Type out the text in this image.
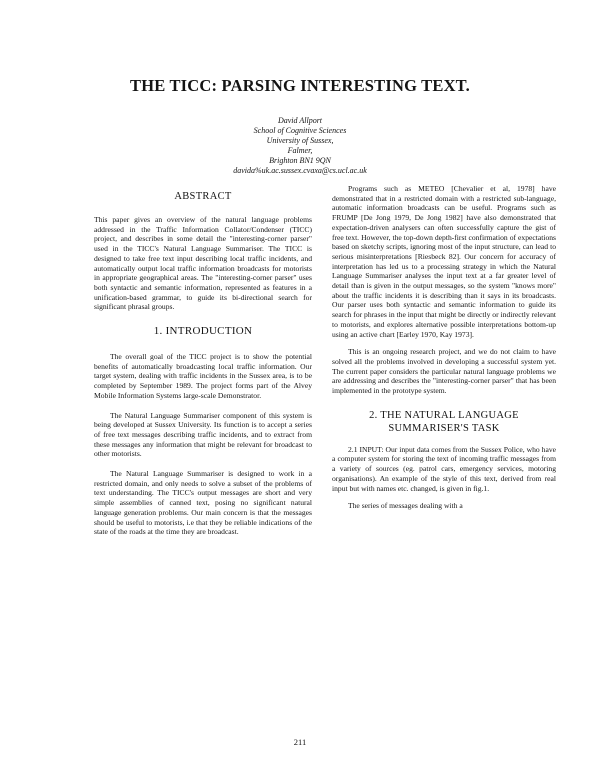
THE TICC: PARSING INTERESTING TEXT.
David Allport
School of Cognitive Sciences
University of Sussex,
Falmer,
Brighton BN1 9QN
davida%uk.ac.sussex.cvaxa@cs.ucl.ac.uk
ABSTRACT

This paper gives an overview of the natural language problems addressed in the Traffic Information Collator/Condenser (TICC) project, and describes in some detail the "interesting-corner parser" used in the TICC's Natural Language Summariser. The TICC is designed to take free text input describing local traffic incidents, and automatically output local traffic information broadcasts for motorists in appropriate geographical areas. The "interesting-corner parser" uses both syntactic and semantic information, represented as features in a unification-based grammar, to guide its bi-directional search for significant phrasal groups.

1. INTRODUCTION

The overall goal of the TICC project is to show the potential benefits of automatically broadcasting local traffic information. Our target system, dealing with traffic incidents in the Sussex area, is to be completed by September 1989. The project forms part of the Alvey Mobile Information Systems large-scale Demonstrator.

The Natural Language Summariser component of this system is being developed at Sussex University. Its function is to accept a series of free text messages describing traffic incidents, and to extract from these messages any information that might be relevant for broadcast to other motorists.

The Natural Language Summariser is designed to work in a restricted domain, and only needs to solve a subset of the problems of text understanding. The TICC's output messages are short and very simple assemblies of canned text, posing no significant natural language generation problems. Our main concern is that the messages should be useful to motorists, i.e that they be reliable indications of the state of the roads at the time they are broadcast.

Programs such as METEO [Chevalier et al, 1978] have demonstrated that in a restricted domain with a restricted sub-language, automatic information broadcasts can be useful. Programs such as FRUMP [De Jong 1979, De Jong 1982] have also demonstrated that expectation-driven analysers can often successfully capture the gist of free text. However, the top-down depth-first confirmation of expectations based on sketchy scripts, ignoring most of the input structure, can lead to serious misinterpretations [Riesbeck 82]. Our concern for accuracy of interpretation has led us to a processing strategy in which the Natural Language Summariser analyses the input text at a far greater level of detail than is given in the output messages, so the system "knows more" about the traffic incidents it is describing than it says in its broadcasts. Our parser uses both syntactic and semantic information to guide its search for phrases in the input that might be directly or indirectly relevant to motorists, and explores alternative possible interpretations bottom-up using an active chart [Earley 1970, Kay 1973].

This is an ongoing research project, and we do not claim to have solved all the problems involved in developing a successful system yet. The current paper considers the particular natural language problems we are addressing and describes the "interesting-corner parser" that has been implemented in the prototype system.

2. THE NATURAL LANGUAGE
SUMMARISER'S TASK

2.1 INPUT: Our input data comes from the Sussex Police, who have a computer system for storing the text of incoming traffic messages from a variety of sources (eg. patrol cars, emergency services, motoring organisations). An example of the style of this text, derived from real input but with names etc. changed, is given in fig.1.

The series of messages dealing with a

211
